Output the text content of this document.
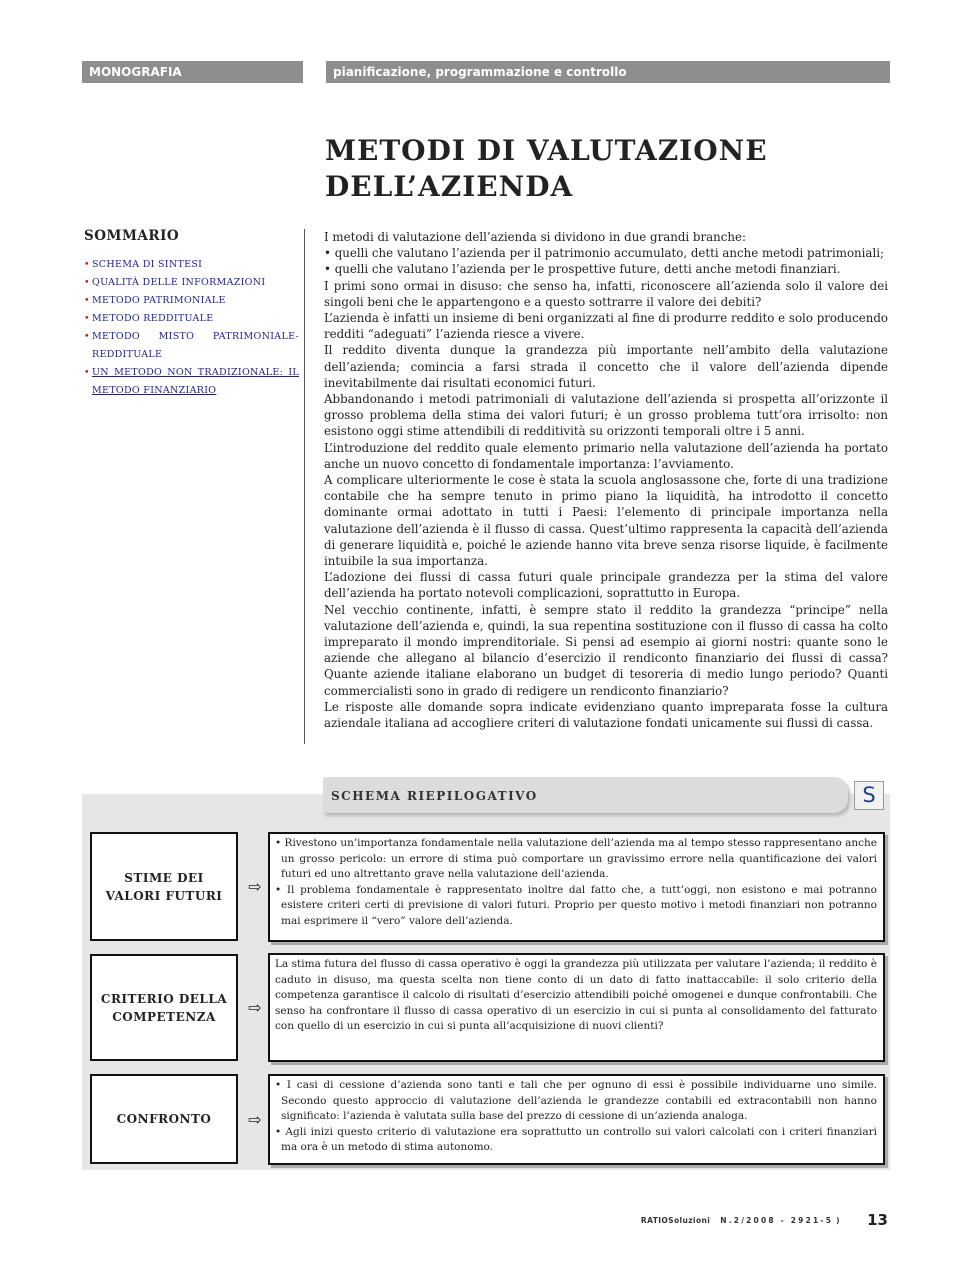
MONOGRAFIA	pianificazione, programmazione e controllo
METODI DI VALUTAZIONE
DELL’AZIENDA
SOMMARIO
• SCHEMA DI SINTESI
• QUALITÀ DELLE INFORMAZIONI
• METODO PATRIMONIALE
• METODO REDDITUALE
• METODO MISTO PATRIMONIALE-REDDITUALE
• UN METODO NON TRADIZIONALE: IL METODO FINANZIARIO

I metodi di valutazione dell’azienda si dividono in due grandi branche:

• quelli che valutano l’azienda per il patrimonio accumulato, detti anche metodi patrimoniali;

• quelli che valutano l’azienda per le prospettive future, detti anche metodi finanziari.

I primi sono ormai in disuso: che senso ha, infatti, riconoscere all’azienda solo il valore dei singoli beni che le appartengono e a questo sottrarre il valore dei debiti?

L’azienda è infatti un insieme di beni organizzati al fine di produrre reddito e solo producendo redditi “adeguati” l’azienda riesce a vivere.

Il reddito diventa dunque la grandezza più importante nell’ambito della valutazione dell’azienda; comincia a farsi strada il concetto che il valore dell’azienda dipende inevitabilmente dai risultati economici futuri.

Abbandonando i metodi patrimoniali di valutazione dell’azienda si prospetta all’orizzonte il grosso problema della stima dei valori futuri; è un grosso problema tutt’ora irrisolto: non esistono oggi stime attendibili di redditività su orizzonti temporali oltre i 5 anni.

L’introduzione del reddito quale elemento primario nella valutazione dell’azienda ha portato anche un nuovo concetto di fondamentale importanza: l’avviamento.

A complicare ulteriormente le cose è stata la scuola anglosassone che, forte di una tradizione contabile che ha sempre tenuto in primo piano la liquidità, ha introdotto il concetto dominante ormai adottato in tutti i Paesi: l’elemento di principale importanza nella valutazione dell’azienda è il flusso di cassa. Quest’ultimo rappresenta la capacità dell’azienda di generare liquidità e, poiché le aziende hanno vita breve senza risorse liquide, è facilmente intuibile la sua importanza.

L’adozione dei flussi di cassa futuri quale principale grandezza per la stima del valore dell’azienda ha portato notevoli complicazioni, soprattutto in Europa.

Nel vecchio continente, infatti, è sempre stato il reddito la grandezza “principe” nella valutazione dell’azienda e, quindi, la sua repentina sostituzione con il flusso di cassa ha colto impreparato il mondo imprenditoriale. Si pensi ad esempio ai giorni nostri: quante sono le aziende che allegano al bilancio d’esercizio il rendiconto finanziario dei flussi di cassa? Quante aziende italiane elaborano un budget di tesoreria di medio lungo periodo? Quanti commercialisti sono in grado di redigere un rendiconto finanziario?

Le risposte alle domande sopra indicate evidenziano quanto impreparata fosse la cultura aziendale italiana ad accogliere criteri di valutazione fondati unicamente sui flussi di cassa.

SCHEMA RIEPILOGATIVO	S
STIME DEI VALORI FUTURI	⇨

• Rivestono un’importanza fondamentale nella valutazione dell’azienda ma al tempo stesso rappresentano anche un grosso pericolo: un errore di stima può comportare un gravissimo errore nella quantificazione dei valori futuri ed uno altrettanto grave nella valutazione dell’azienda.

• Il problema fondamentale è rappresentato inoltre dal fatto che, a tutt’oggi, non esistono e mai potranno esistere criteri certi di previsione di valori futuri. Proprio per questo motivo i metodi finanziari non potranno mai esprimere il “vero” valore dell’azienda.

CRITERIO DELLA COMPETENZA	⇨

La stima futura del flusso di cassa operativo è oggi la grandezza più utilizzata per valutare l’azienda; il reddito è caduto in disuso, ma questa scelta non tiene conto di un dato di fatto inattaccabile: il solo criterio della competenza garantisce il calcolo di risultati d’esercizio attendibili poiché omogenei e dunque confrontabili. Che senso ha confrontare il flusso di cassa operativo di un esercizio in cui si punta al consolidamento del fatturato con quello di un esercizio in cui si punta all’acquisizione di nuovi clienti?

CONFRONTO	⇨

• I casi di cessione d’azienda sono tanti e tali che per ognuno di essi è possibile individuarne uno simile. Secondo questo approccio di valutazione dell’azienda le grandezze contabili ed extracontabili non hanno significato: l’azienda è valutata sulla base del prezzo di cessione di un’azienda analoga.

• Agli inizi questo criterio di valutazione era soprattutto un controllo sui valori calcolati con i criteri finanziari ma ora è un metodo di stima autonomo.

RATIOSoluzioni N.2/2008 - 2921-5 )	13
